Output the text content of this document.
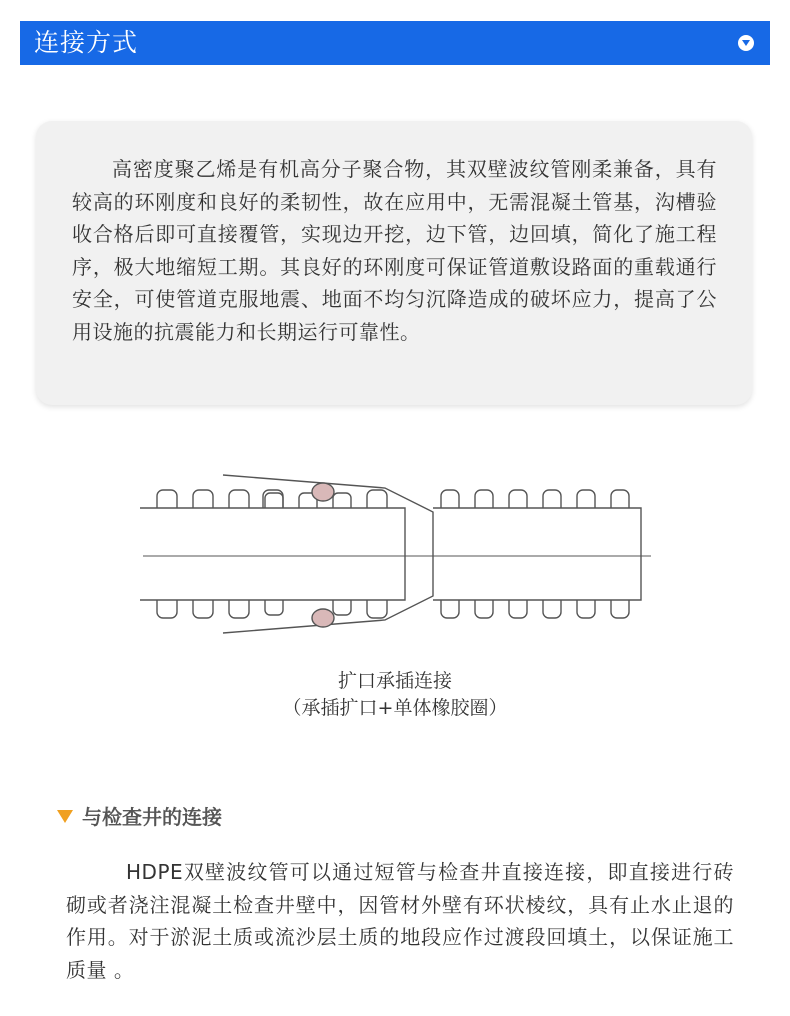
连接方式

高密度聚乙烯是有机高分子聚合物，其双壁波纹管刚柔兼备，具有较高的环刚度和良好的柔韧性，故在应用中，无需混凝土管基，沟槽验收合格后即可直接覆管，实现边开挖，边下管，边回填，简化了施工程序，极大地缩短工期。其良好的环刚度可保证管道敷设路面的重载通行安全，可使管道克服地震、地面不均匀沉降造成的破坏应力，提高了公用设施的抗震能力和长期运行可靠性。

扩口承插连接
（承插扩口+单体橡胶圈）
与检查井的连接

HDPE双壁波纹管可以通过短管与检查井直接连接，即直接进行砖砌或者浇注混凝土检查井壁中，因管材外壁有环状棱纹，具有止水止退的作用。对于淤泥土质或流沙层土质的地段应作过渡段回填土，以保证施工质量 。
